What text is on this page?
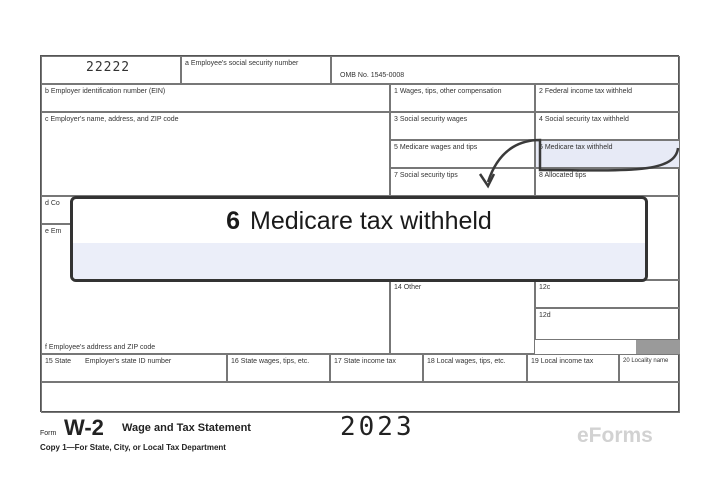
22222	a Employee's social security number
OMB No. 1545-0008
b Employer identification number (EIN)
c Employer's name, address, and ZIP code
d Co
e Em
f Employee's address and ZIP code
1 Wages, tips, other compensation	2 Federal income tax withheld
3 Social security wages	4 Social security tax withheld
5 Medicare wages and tips	6 Medicare tax withheld
7 Social security tips	8 Allocated tips
14 Other	12c
12d
15 State Employer's state ID number	16 State wages, tips, etc.	17 State income tax	18 Local wages, tips, etc.	19 Local income tax	20 Locality name
6 Medicare tax withheld
Form W-2 Wage and Tax Statement	2023
Copy 1—For State, City, or Local Tax Department
eForms
